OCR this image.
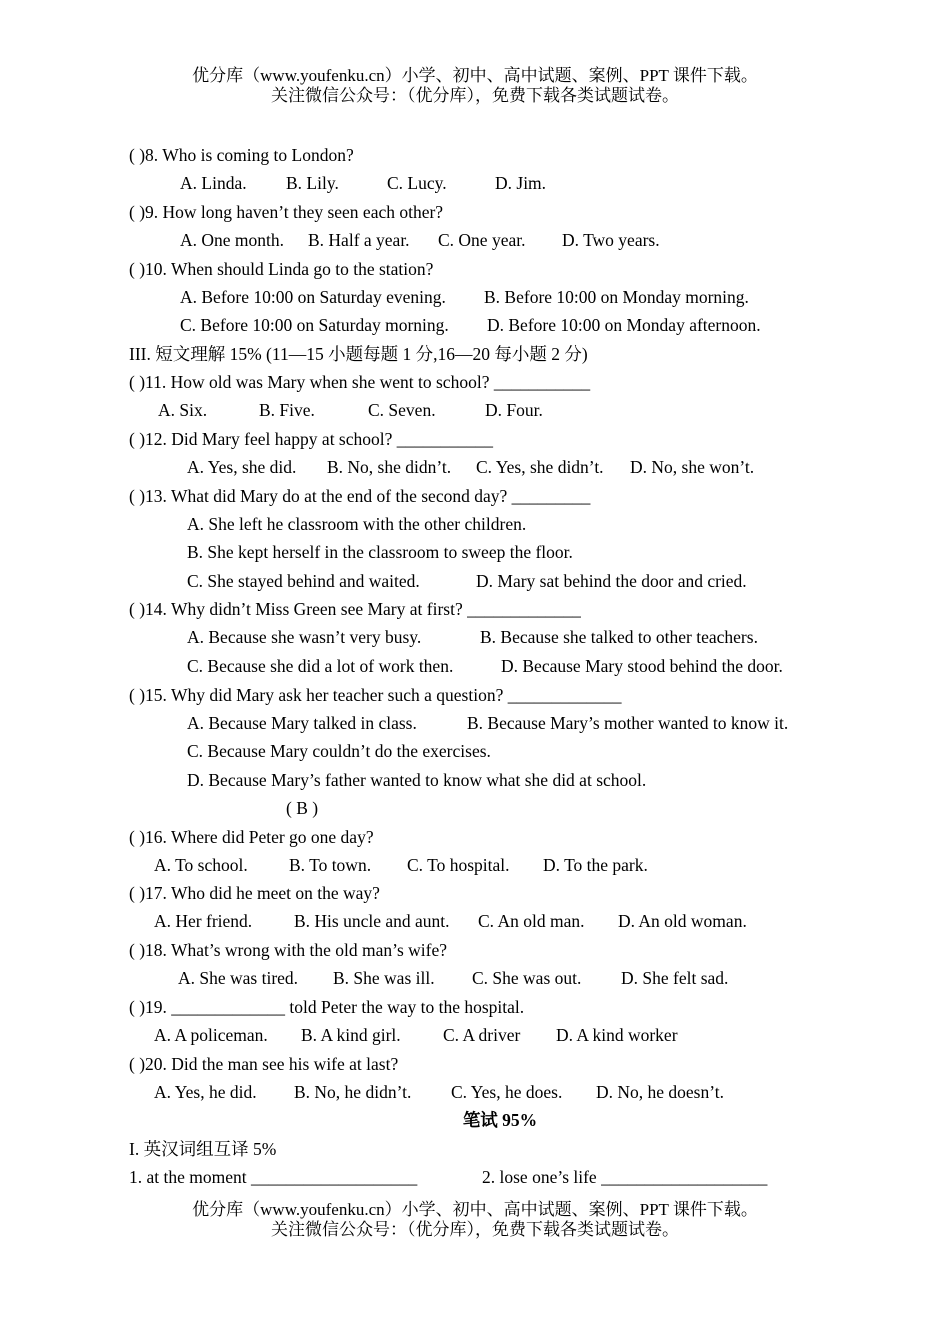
优分库（www.youfenku.cn）小学、初中、高中试题、案例、PPT 课件下载。
关注微信公众号：（优分库），免费下载各类试题试卷。
( )8. Who is coming to London?
A. Linda. B. Lily.	C. Lucy.	D. Jim.
( )9. How long haven’t they seen each other?
A. One month. B. Half a year. C. One year. D. Two years.
( )10. When should Linda go to the station?
A. Before 10:00 on Saturday evening. B. Before 10:00 on Monday morning.
C. Before 10:00 on Saturday morning. D. Before 10:00 on Monday afternoon.
III. 短文理解 15% (11—15 小题每题 1 分,16—20 每小题 2 分)
( )11. How old was Mary when she went to school? ___________
A. Six.	B. Five.	C. Seven.	D. Four.
( )12. Did Mary feel happy at school? ___________
A. Yes, she did. B. No, she didn’t. C. Yes, she didn’t. D. No, she won’t.
( )13. What did Mary do at the end of the second day? _________
A. She left he classroom with the other children.
B. She kept herself in the classroom to sweep the floor.
C. She stayed behind and waited.	D. Mary sat behind the door and cried.
( )14. Why didn’t Miss Green see Mary at first? _____________
A. Because she wasn’t very busy.	B. Because she talked to other teachers.
C. Because she did a lot of work then.	D. Because Mary stood behind the door.
( )15. Why did Mary ask her teacher such a question? _____________
A. Because Mary talked in class.	B. Because Mary’s mother wanted to know it.
C. Because Mary couldn’t do the exercises.
D. Because Mary’s father wanted to know what she did at school.
( B )
( )16. Where did Peter go one day?
A. To school. B. To town. C. To hospital. D. To the park.
( )17. Who did he meet on the way?
A. Her friend. B. His uncle and aunt. C. An old man. D. An old woman.
( )18. What’s wrong with the old man’s wife?
A. She was tired. B. She was ill. C. She was out. D. She felt sad.
( )19. _____________ told Peter the way to the hospital.
A. A policeman. B. A kind girl. C. A driver D. A kind worker
( )20. Did the man see his wife at last?
A. Yes, he did. B. No, he didn’t. C. Yes, he does. D. No, he doesn’t.
笔试 95%
I. 英汉词组互译 5%
1. at the moment ___________________	2. lose one’s life ___________________
优分库（www.youfenku.cn）小学、初中、高中试题、案例、PPT 课件下载。
关注微信公众号：（优分库），免费下载各类试题试卷。
